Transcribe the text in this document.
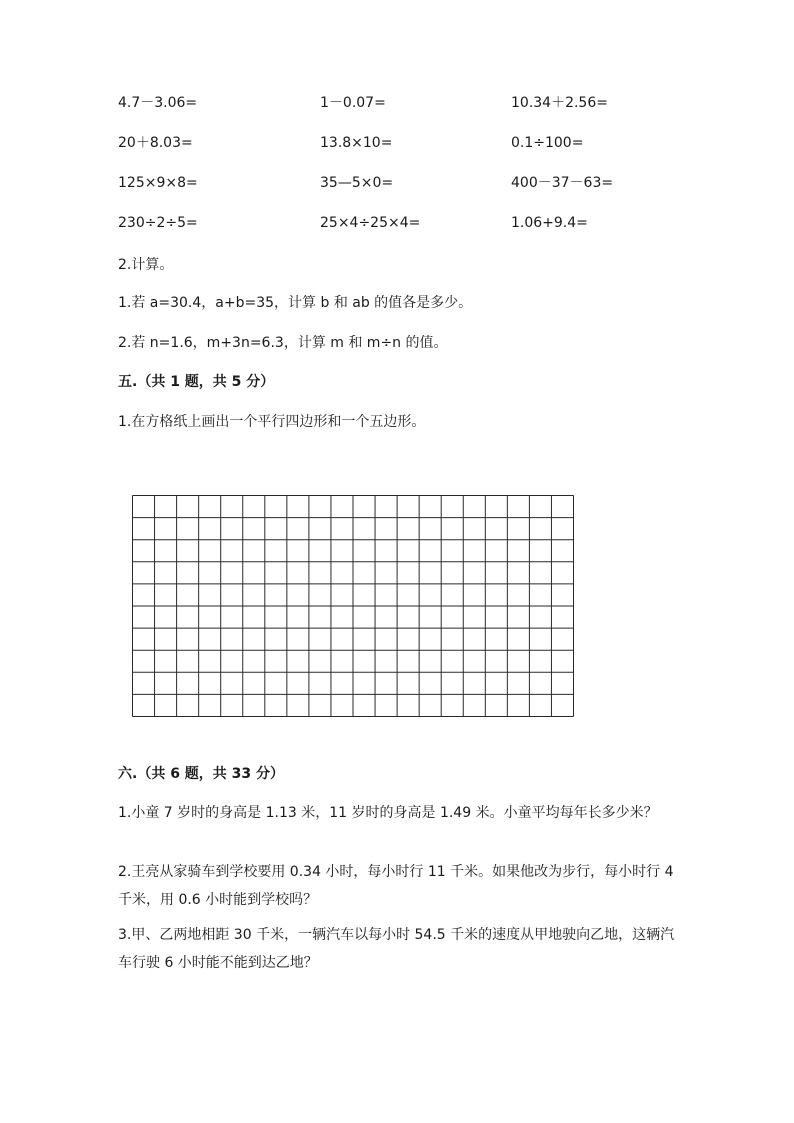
4.7－3.06=	1－0.07=	10.34＋2.56=
20＋8.03=	13.8×10=	0.1÷100=
125×9×8=	35—5×0=	400－37－63=
230÷2÷5=	25×4÷25×4=	1.06+9.4=
2.计算。
1.若 a=30.4，a+b=35，计算 b 和 ab 的值各是多少。
2.若 n=1.6，m+3n=6.3，计算 m 和 m÷n 的值。
五.（共 1 题，共 5 分）
1.在方格纸上画出一个平行四边形和一个五边形。
六.（共 6 题，共 33 分）
1.小童 7 岁时的身高是 1.13 米，11 岁时的身高是 1.49 米。小童平均每年长多少米？
2.王亮从家骑车到学校要用 0.34 小时，每小时行 11 千米。如果他改为步行，每小时行 4 千米，用 0.6 小时能到学校吗？
3.甲、乙两地相距 30 千米，一辆汽车以每小时 54.5 千米的速度从甲地驶向乙地，这辆汽车行驶 6 小时能不能到达乙地？
